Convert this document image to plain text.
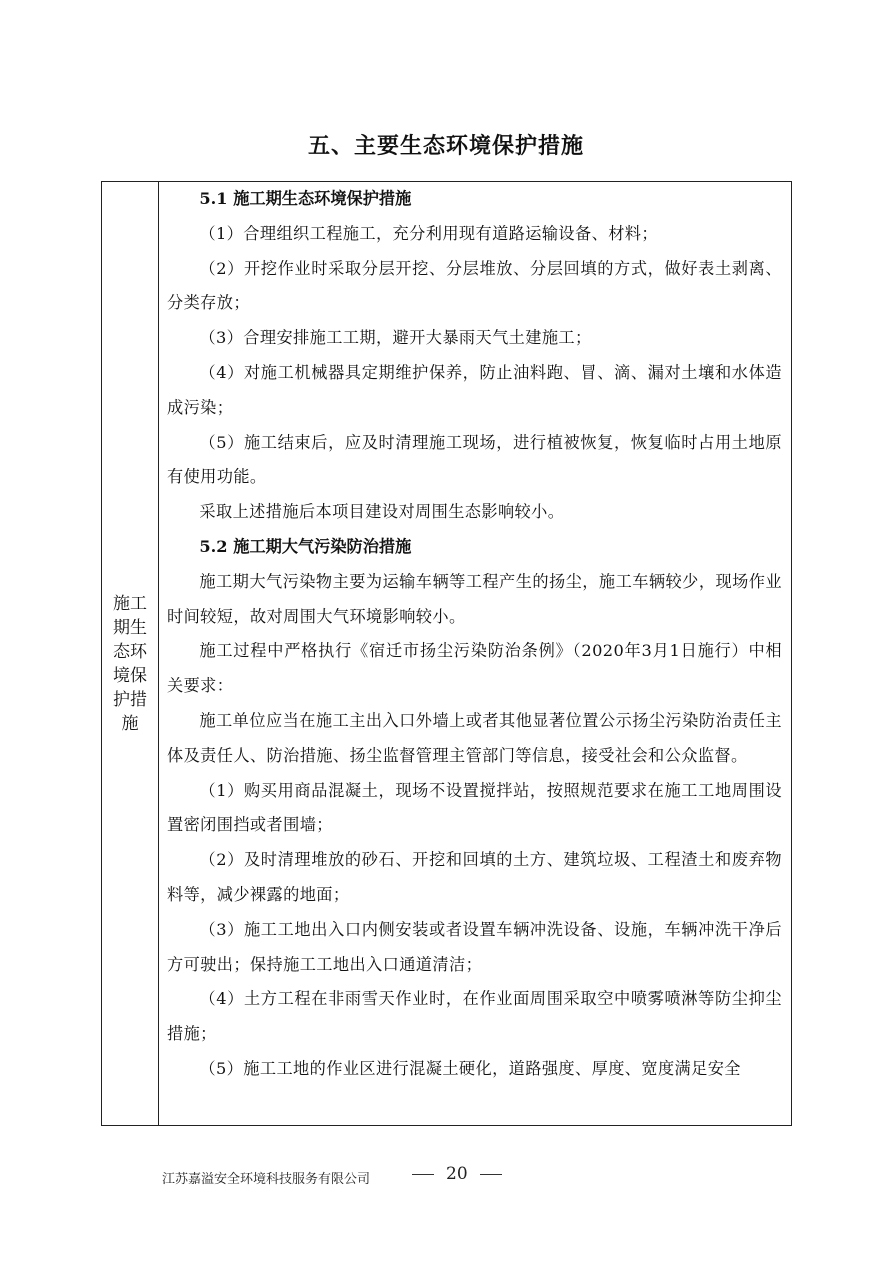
五、主要生态环境保护措施
施工期生态环境保护措施

5.1 施工期生态环境保护措施

（1）合理组织工程施工，充分利用现有道路运输设备、材料；

（2）开挖作业时采取分层开挖、分层堆放、分层回填的方式，做好表土剥离、分类存放；

（3）合理安排施工工期，避开大暴雨天气土建施工；

（4）对施工机械器具定期维护保养，防止油料跑、冒、滴、漏对土壤和水体造成污染；

（5）施工结束后，应及时清理施工现场，进行植被恢复，恢复临时占用土地原有使用功能。

采取上述措施后本项目建设对周围生态影响较小。

5.2 施工期大气污染防治措施

施工期大气污染物主要为运输车辆等工程产生的扬尘，施工车辆较少，现场作业时间较短，故对周围大气环境影响较小。

施工过程中严格执行《宿迁市扬尘污染防治条例》（2020年3月1日施行）中相关要求：

施工单位应当在施工主出入口外墙上或者其他显著位置公示扬尘污染防治责任主体及责任人、防治措施、扬尘监督管理主管部门等信息，接受社会和公众监督。

（1）购买用商品混凝土，现场不设置搅拌站，按照规范要求在施工工地周围设置密闭围挡或者围墙；

（2）及时清理堆放的砂石、开挖和回填的土方、建筑垃圾、工程渣土和废弃物料等，减少裸露的地面；

（3）施工工地出入口内侧安装或者设置车辆冲洗设备、设施，车辆冲洗干净后方可驶出；保持施工工地出入口通道清洁；

（4）土方工程在非雨雪天作业时，在作业面周围采取空中喷雾喷淋等防尘抑尘措施；

（5）施工工地的作业区进行混凝土硬化，道路强度、厚度、宽度满足安全

江苏嘉溢安全环境科技服务有限公司	20
